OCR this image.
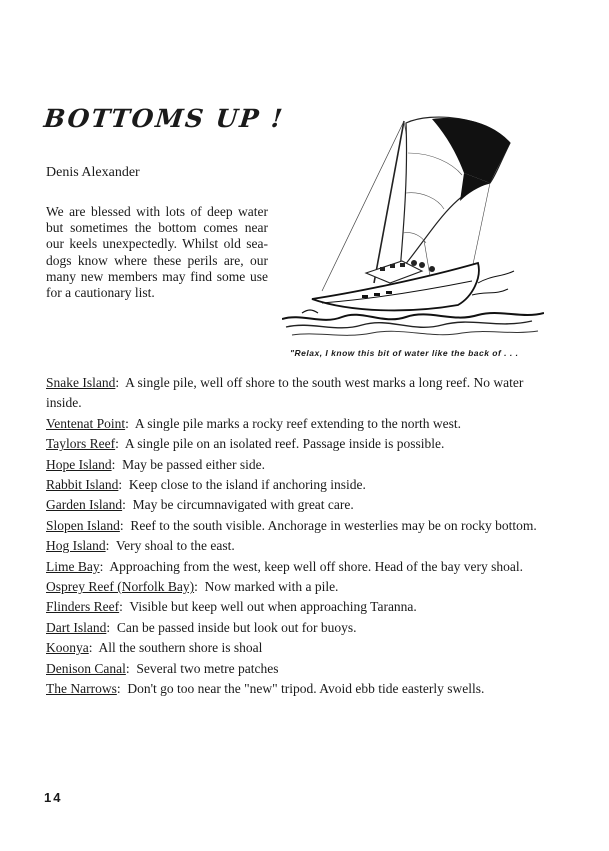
BOTTOMS UP !
Denis Alexander
We are blessed with lots of deep water but sometimes the bottom comes near our keels unexpectedly. Whilst old sea-dogs know where these perils are, our many new members may find some use for a cautionary list.
"Relax, I know this bit of water like the back of . . .

Snake Island:  A single pile, well off shore to the south west marks a long reef. No water inside.

Ventenat Point:  A single pile marks a rocky reef extending to the north west.

Taylors Reef:  A single pile on an isolated reef. Passage inside is possible.

Hope Island:  May be passed either side.

Rabbit Island:  Keep close to the island if anchoring inside.

Garden Island:  May be circumnavigated with great care.

Slopen Island:  Reef to the south visible. Anchorage in westerlies may be on rocky bottom.

Hog Island:  Very shoal to the east.

Lime Bay:  Approaching from the west, keep well off shore. Head of the bay very shoal.

Osprey Reef (Norfolk Bay):  Now marked with a pile.

Flinders Reef:  Visible but keep well out when approaching Taranna.

Dart Island:  Can be passed inside but look out for buoys.

Koonya:  All the southern shore is shoal

Denison Canal:  Several two metre patches

The Narrows:  Don't go too near the "new" tripod. Avoid ebb tide easterly swells.

14
